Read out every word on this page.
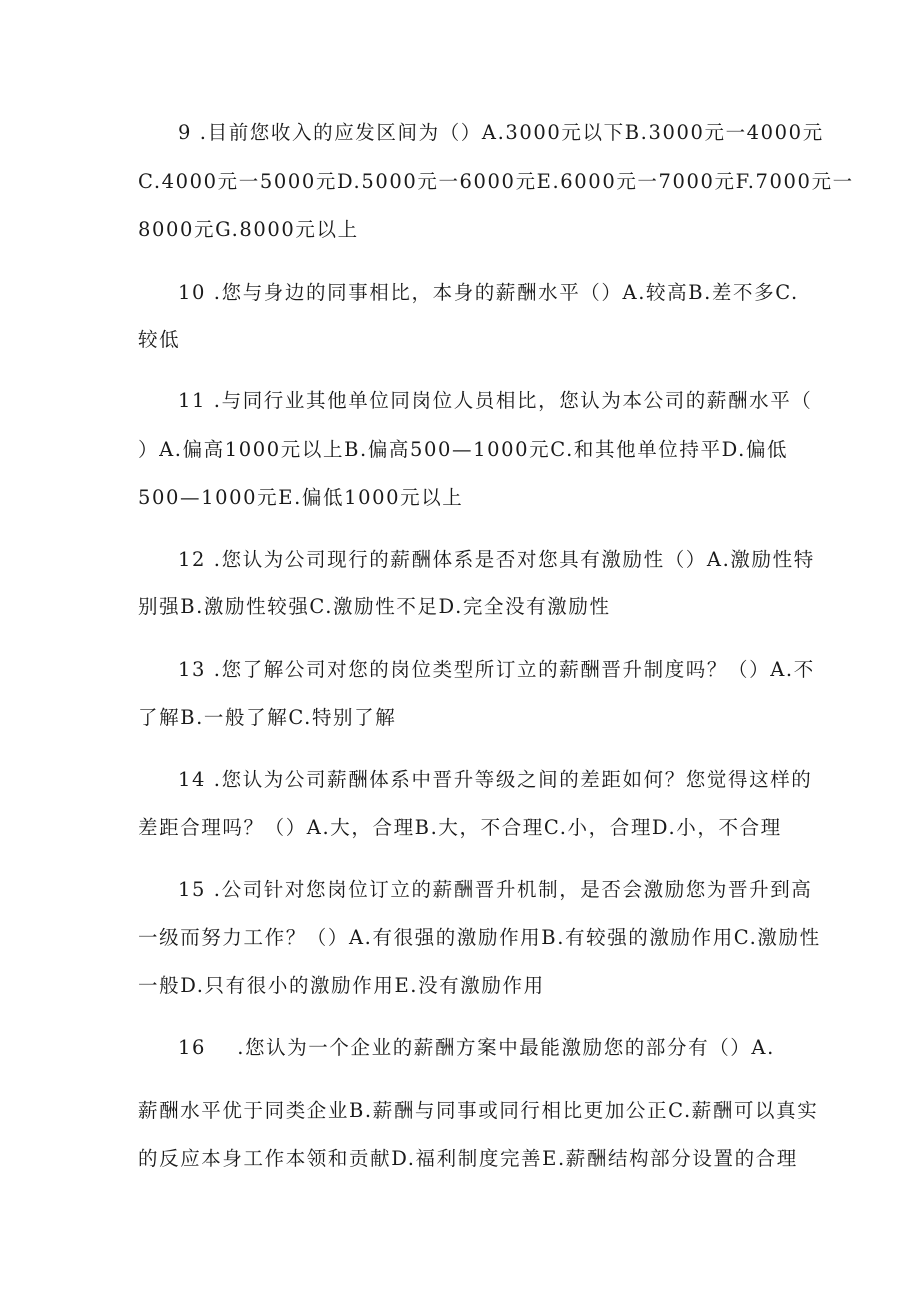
9 .目前您收入的应发区间为（）A.3000元以下B.3000元一4000元
C.4000元一5000元D.5000元一6000元E.6000元一7000元F.7000元一
8000元G.8000元以上
10 .您与身边的同事相比，本身的薪酬水平（）A.较高B.差不多C.
较低
11 .与同行业其他单位同岗位人员相比，您认为本公司的薪酬水平（
）A.偏高1000元以上B.偏高500—1000元C.和其他单位持平D.偏低
500—1000元E.偏低1000元以上
12 .您认为公司现行的薪酬体系是否对您具有激励性（）A.激励性特
别强B.激励性较强C.激励性不足D.完全没有激励性
13 .您了解公司对您的岗位类型所订立的薪酬晋升制度吗？（）A.不
了解B.一般了解C.特别了解
14 .您认为公司薪酬体系中晋升等级之间的差距如何？您觉得这样的
差距合理吗？（）A.大，合理B.大，不合理C.小，合理D.小，不合理
15 .公司针对您岗位订立的薪酬晋升机制，是否会激励您为晋升到高
一级而努力工作？（）A.有很强的激励作用B.有较强的激励作用C.激励性
一般D.只有很小的激励作用E.没有激励作用
16    .您认为一个企业的薪酬方案中最能激励您的部分有（）A.
薪酬水平优于同类企业B.薪酬与同事或同行相比更加公正C.薪酬可以真实
的反应本身工作本领和贡献D.福利制度完善E.薪酬结构部分设置的合理
